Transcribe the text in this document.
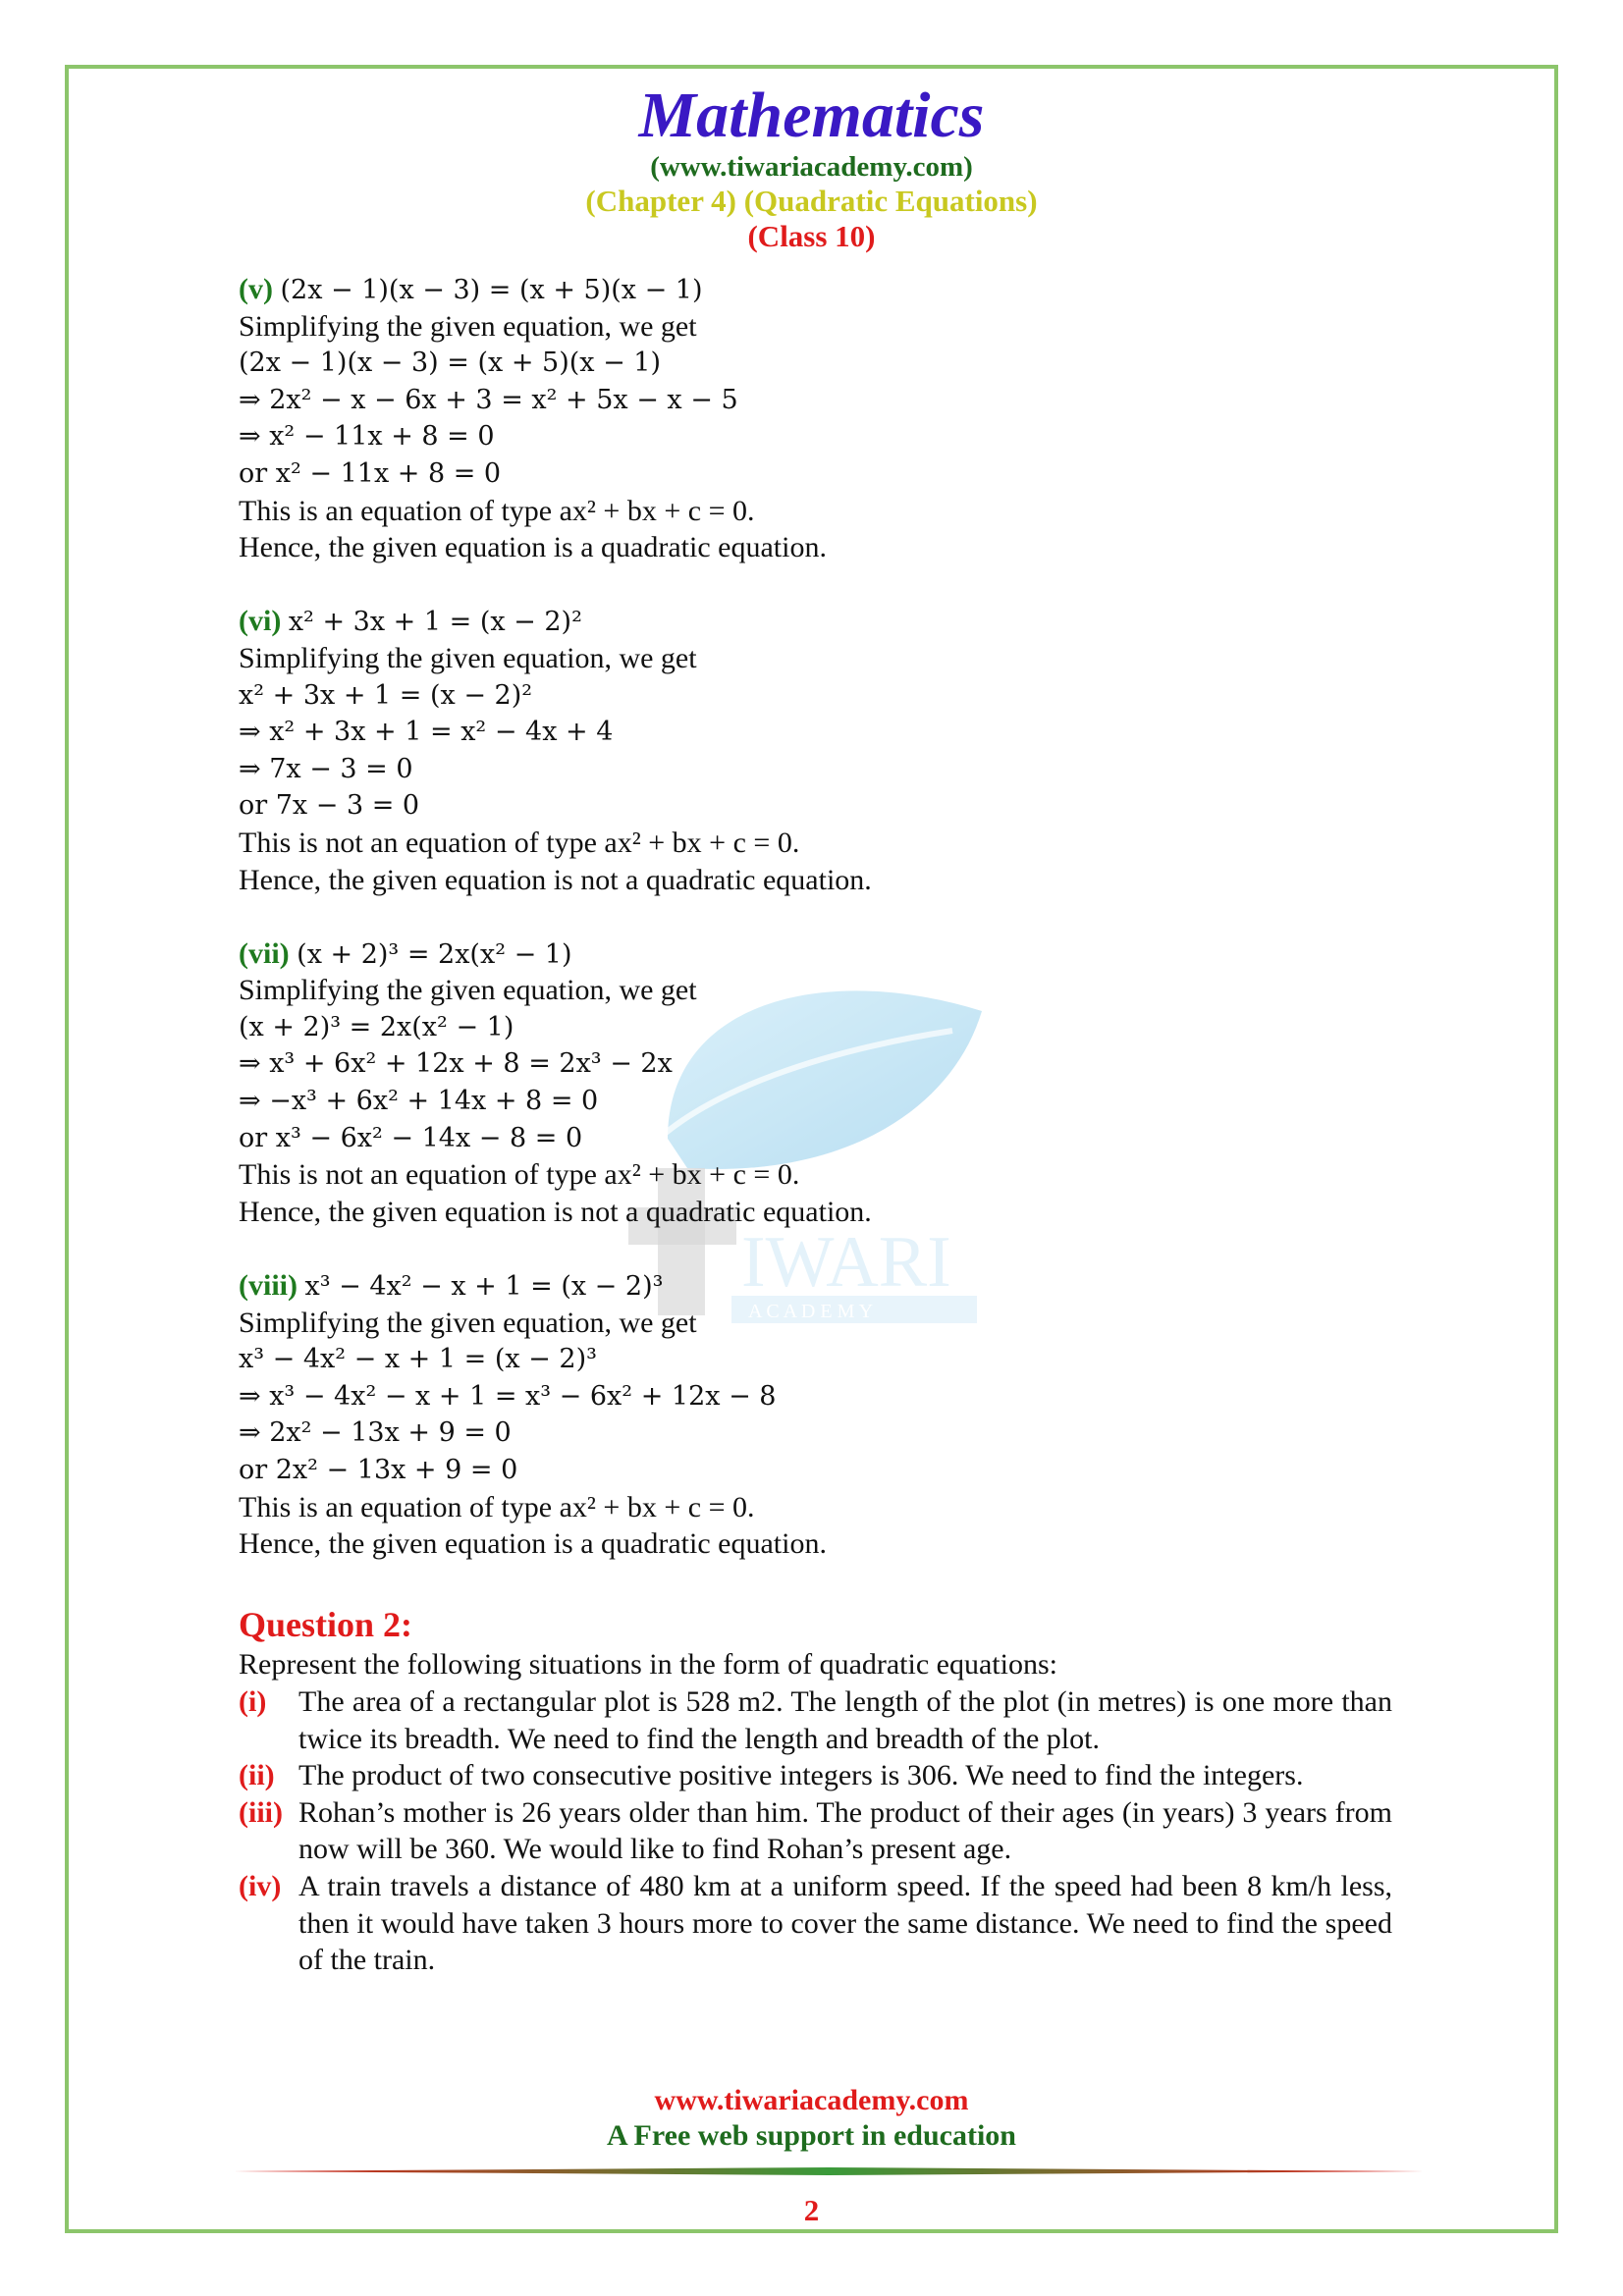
Mathematics
(www.tiwariacademy.com)
(Chapter 4) (Quadratic Equations)
(Class 10)
IWARI
A C A D E M Y
(v) (2x − 1)(x − 3) = (x + 5)(x − 1)
Simplifying the given equation, we get
(2x − 1)(x − 3) = (x + 5)(x − 1)
⇒ 2x² − x − 6x + 3 = x² + 5x − x − 5
⇒ x² − 11x + 8 = 0
or x² − 11x + 8 = 0
This is an equation of type ax² + bx + c = 0.
Hence, the given equation is a quadratic equation.
(vi) x² + 3x + 1 = (x − 2)²
Simplifying the given equation, we get
x² + 3x + 1 = (x − 2)²
⇒ x² + 3x + 1 = x² − 4x + 4
⇒ 7x − 3 = 0
or 7x − 3 = 0
This is not an equation of type ax² + bx + c = 0.
Hence, the given equation is not a quadratic equation.
(vii) (x + 2)³ = 2x(x² − 1)
Simplifying the given equation, we get
(x + 2)³ = 2x(x² − 1)
⇒ x³ + 6x² + 12x + 8 = 2x³ − 2x
⇒ −x³ + 6x² + 14x + 8 = 0
or x³ − 6x² − 14x − 8 = 0
This is not an equation of type ax² + bx + c = 0.
Hence, the given equation is not a quadratic equation.
(viii) x³ − 4x² − x + 1 = (x − 2)³
Simplifying the given equation, we get
x³ − 4x² − x + 1 = (x − 2)³
⇒ x³ − 4x² − x + 1 = x³ − 6x² + 12x − 8
⇒ 2x² − 13x + 9 = 0
or 2x² − 13x + 9 = 0
This is an equation of type ax² + bx + c = 0.
Hence, the given equation is a quadratic equation.
Question 2:
Represent the following situations in the form of quadratic equations:
(i)	The area of a rectangular plot is 528 m2. The length of the plot (in metres) is one more than twice its breadth. We need to find the length and breadth of the plot.
(ii) The product of two consecutive positive integers is 306. We need to find the integers.
(iii) Rohan’s mother is 26 years older than him. The product of their ages (in years) 3 years from now will be 360. We would like to find Rohan’s present age.
(iv) A train travels a distance of 480 km at a uniform speed. If the speed had been 8 km/h less, then it would have taken 3 hours more to cover the same distance. We need to find the speed of the train.
www.tiwariacademy.com
A Free web support in education
2
